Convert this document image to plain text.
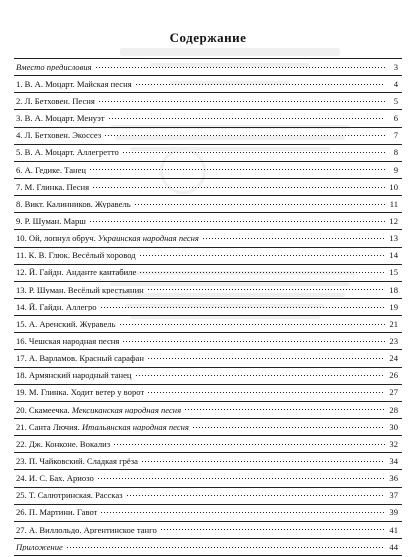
Содержание
Вместо предисловия	3
1. В. А. Моцарт. Майская песня	4
2. Л. Бетховен. Песня	5
3. В. А. Моцарт. Менуэт	6
4. Л. Бетховен. Экоссез	7
5. В. А. Моцарт. Аллегретто	8
6. А. Гедике. Танец	9
7. М. Глинка. Песня	10
8. Викт. Калинников. Журавель	11
9. Р. Шуман. Марш	12
10. Ой, лопнул обруч. Украинская народная песня	13
11. К. В. Глюк. Весёлый хоровод	14
12. Й. Гайдн. Анданте кантабиле	15
13. Р. Шуман. Весёлый крестьянин	18
14. Й. Гайдн. Аллегро	19
15. А. Аренский. Журавель	21
16. Чешская народная песня	23
17. А. Варламов. Красный сарафан	24
18. Армянский народный танец	26
19. М. Глинка. Ходит ветер у ворот	27
20. Скамеечка. Мексиканская народная песня	28
21. Санта Лючия. Итальянская народная песня	30
22. Дж. Конконе. Вокализ	32
23. П. Чайковский. Сладкая грёза	34
24. И. С. Бах. Ариозо	36
25. Т. Салютринская. Рассказ	37
26. П. Мартини. Гавот	39
27. А. Виллольдо. Аргентинское танго	41
Приложение	44
